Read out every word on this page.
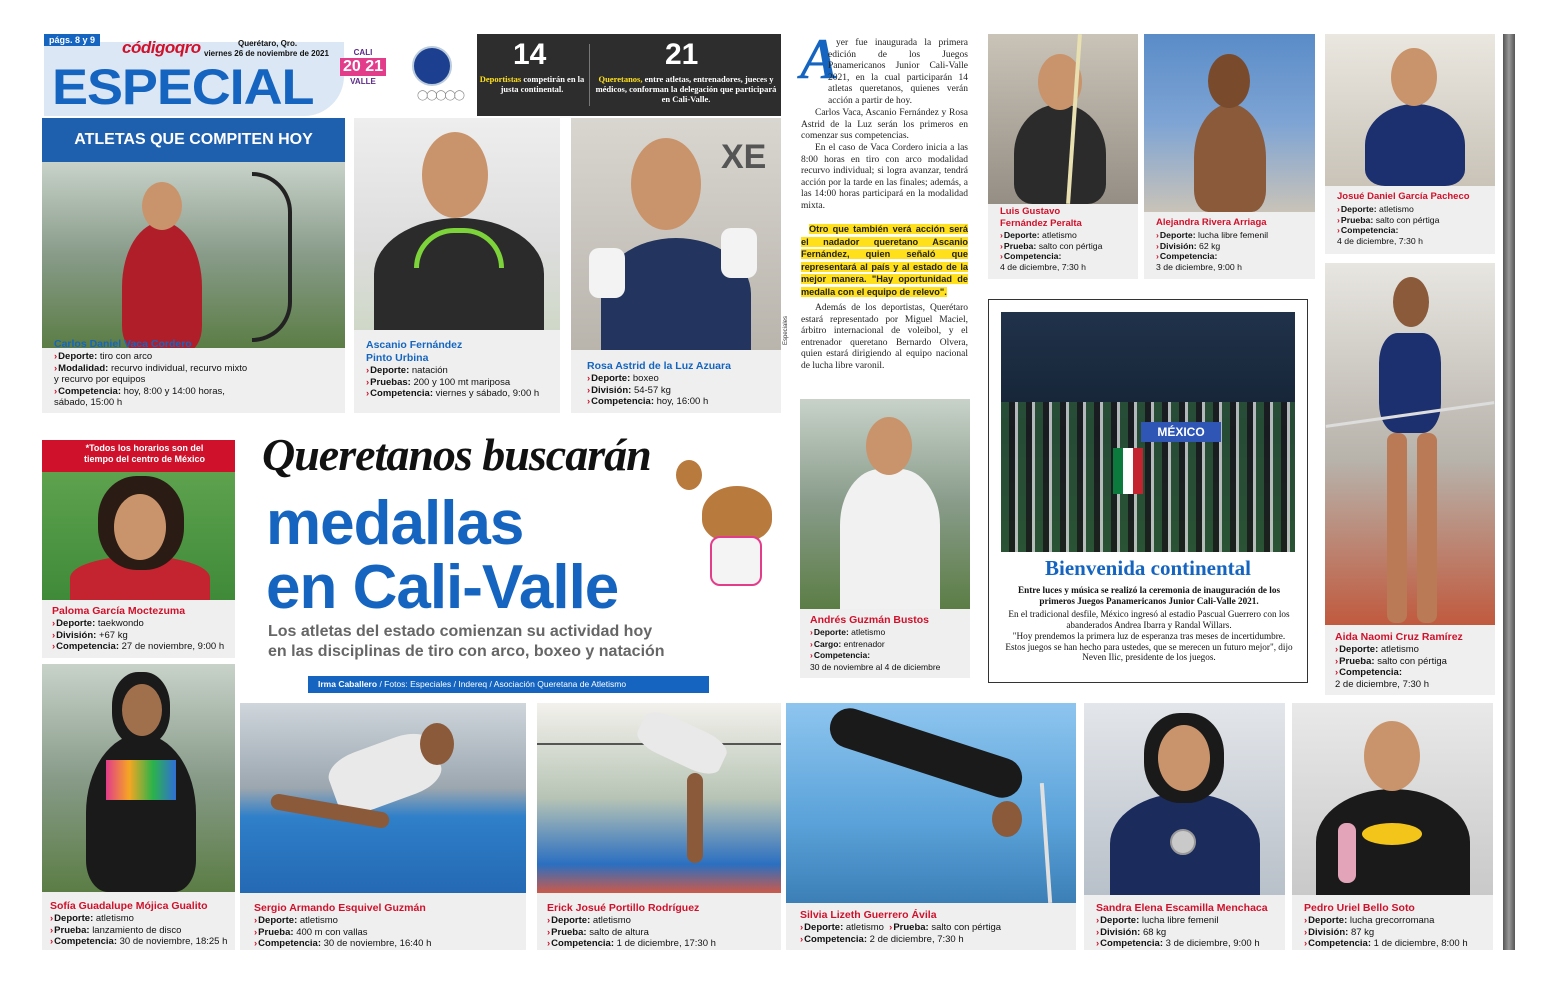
págs. 8 y 9 códigoqro	Querétaro, Qro.
viernes 26 de noviembre de 2021
ESPECIAL
CALI
20 21
VALLE
◯◯◯◯◯
14
Deportistas competirán en la justa continental.
21
Queretanos, entre atletas, entrenadores, jueces y médicos, conforman la delegación que participará en Cali-Valle.
ATLETAS QUE COMPITEN HOY
Carlos Daniel Vaca Cordero
›Deporte: tiro con arco
›Modalidad: recurvo individual, recurvo mixto
y recurvo por equipos
›Competencia: hoy, 8:00 y 14:00 horas,
sábado, 15:00 h
Ascanio Fernández
Pinto Urbina
›Deporte: natación
›Pruebas: 200 y 100 mt mariposa
›Competencia: viernes y sábado, 9:00 h
XE
Rosa Astrid de la Luz Azuara
›Deporte: boxeo
›División: 54-57 kg
›Competencia: hoy, 16:00 h
Especiales
*Todos los horarios son del tiempo del centro de México
Paloma García Moctezuma
›Deporte: taekwondo
›División: +67 kg
›Competencia: 27 de noviembre, 9:00 h
Queretanos buscarán
medallas
en Cali-Valle
Los atletas del estado comienzan su actividad hoy
en las disciplinas de tiro con arco, boxeo y natación
Irma Caballero / Fotos: Especiales / Indereq / Asociación Queretana de Atletismo
A
yer fue inaugurada la primera edición de los Juegos Panamericanos Junior Cali-Valle 2021, en la cual participarán 14 atletas queretanos, quienes verán acción a partir de hoy.
Carlos Vaca, Ascanio Fernández y Rosa Astrid de la Luz serán los primeros en comenzar sus competencias.
En el caso de Vaca Cordero inicia a las 8:00 horas en tiro con arco modalidad recurvo individual; si logra avanzar, tendrá acción por la tarde en las finales; además, a las 14:00 horas participará en la modalidad mixta.
Otro que también verá acción será el nadador queretano Ascanio Fernández, quien señaló que representará al país y al estado de la mejor manera. "Hay oportunidad de medalla con el equipo de relevo".
Además de los deportistas, Querétaro estará representado por Miguel Maciel, árbitro internacional de voleibol, y el entrenador queretano Bernardo Olvera, quien estará dirigiendo al equipo nacional de lucha libre varonil.
Andrés Guzmán Bustos
›Deporte: atletismo
›Cargo: entrenador
›Competencia:
30 de noviembre al 4 de diciembre
Luis Gustavo
Fernández Peralta
›Deporte: atletismo
›Prueba: salto con pértiga
›Competencia:
4 de diciembre, 7:30 h
Alejandra Rivera Arriaga
›Deporte: lucha libre femenil
›División: 62 kg
›Competencia:
3 de diciembre, 9:00 h
Josué Daniel García Pacheco
›Deporte: atletismo
›Prueba: salto con pértiga
›Competencia:
4 de diciembre, 7:30 h
MÉXICO
Bienvenida continental
Entre luces y música se realizó la ceremonia de inauguración de los primeros Juegos Panamericanos Junior Cali-Valle 2021.
En el tradicional desfile, México ingresó al estadio Pascual Guerrero con los abanderados Andrea Ibarra y Randal Willars.
"Hoy prendemos la primera luz de esperanza tras meses de incertidumbre. Estos juegos se han hecho para ustedes, que se merecen un futuro mejor", dijo Neven Ilic, presidente de los juegos.
Aida Naomi Cruz Ramírez
›Deporte: atletismo
›Prueba: salto con pértiga
›Competencia:
2 de diciembre, 7:30 h
Sofía Guadalupe Mójica Gualito
›Deporte: atletismo
›Prueba: lanzamiento de disco
›Competencia: 30 de noviembre, 18:25 h
Sergio Armando Esquivel Guzmán
›Deporte: atletismo
›Prueba: 400 m con vallas
›Competencia: 30 de noviembre, 16:40 h
Erick Josué Portillo Rodríguez
›Deporte: atletismo
›Prueba: salto de altura
›Competencia: 1 de diciembre, 17:30 h
Silvia Lizeth Guerrero Ávila
›Deporte: atletismo ›Prueba: salto con pértiga
›Competencia: 2 de diciembre, 7:30 h
Sandra Elena Escamilla Menchaca
›Deporte: lucha libre femenil
›División: 68 kg
›Competencia: 3 de diciembre, 9:00 h
Pedro Uriel Bello Soto
›Deporte: lucha grecorromana
›División: 87 kg
›Competencia: 1 de diciembre, 8:00 h
